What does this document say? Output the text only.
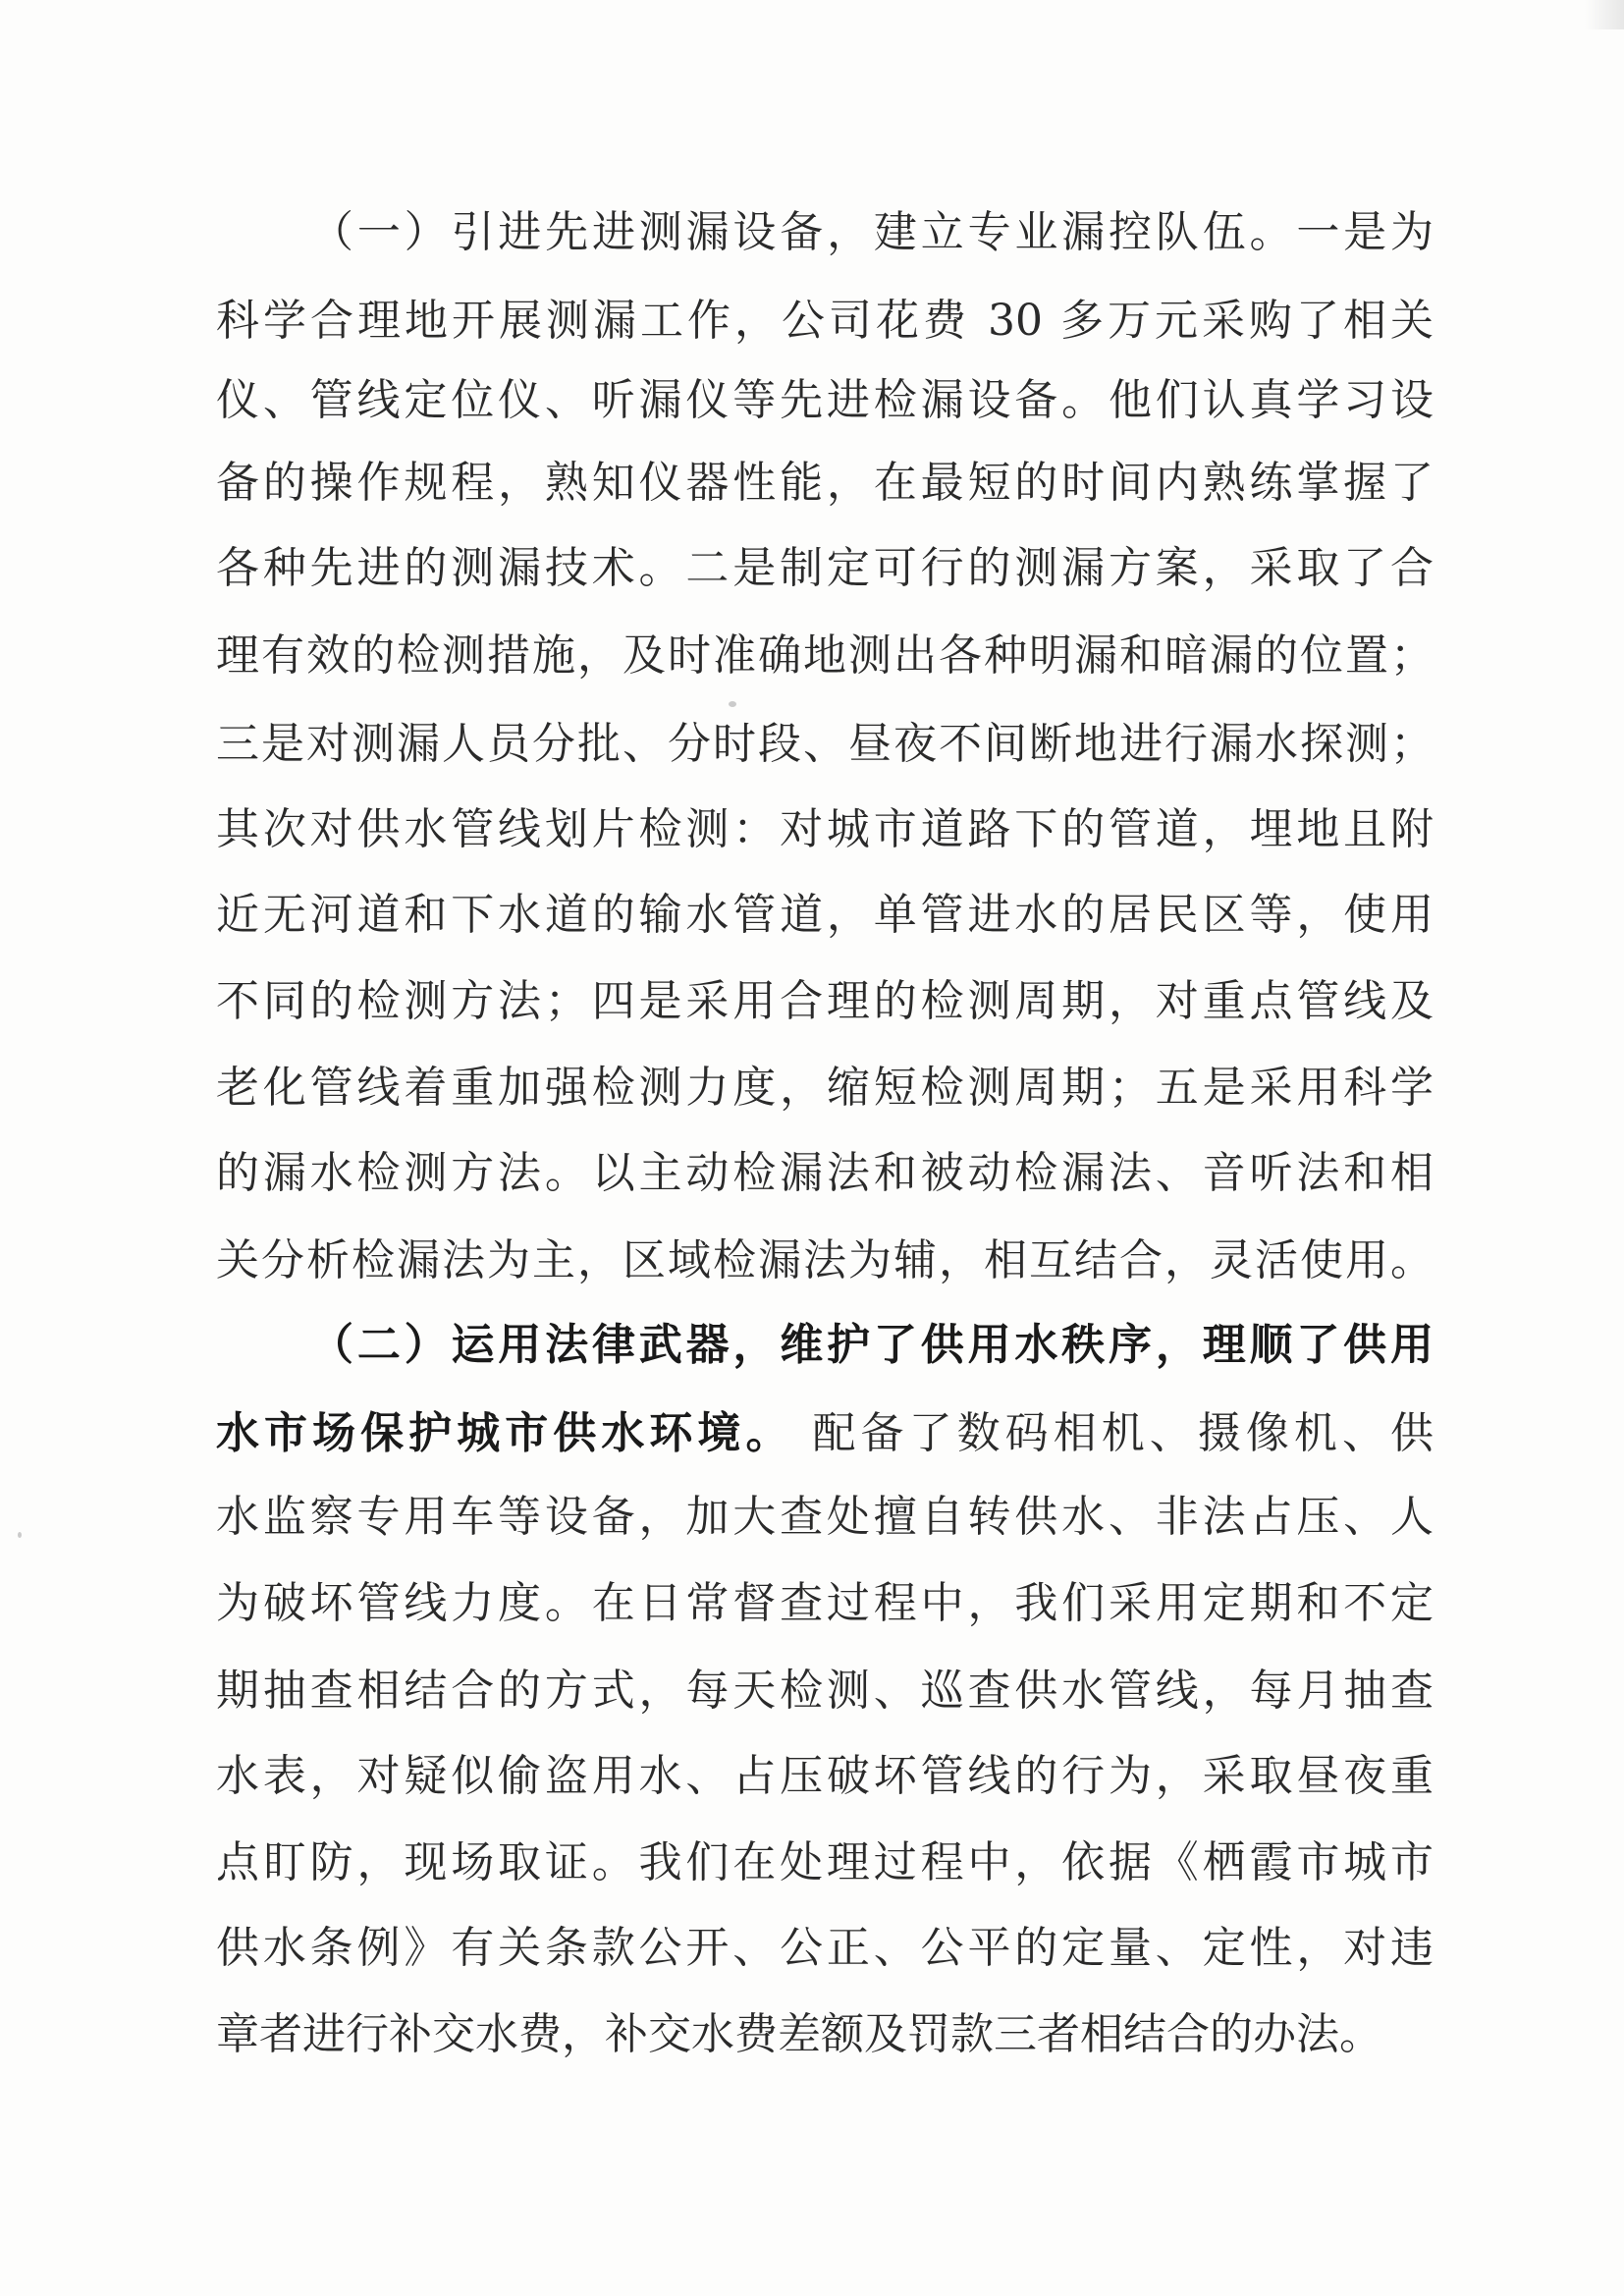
（一）引进先进测漏设备，建立专业漏控队伍。一是为
科学合理地开展测漏工作，公司花费 30 多万元采购了相关
仪、管线定位仪、听漏仪等先进检漏设备。他们认真学习设
备的操作规程，熟知仪器性能，在最短的时间内熟练掌握了
各种先进的测漏技术。二是制定可行的测漏方案，采取了合
理有效的检测措施，及时准确地测出各种明漏和暗漏的位置；
三是对测漏人员分批、分时段、昼夜不间断地进行漏水探测；
其次对供水管线划片检测：对城市道路下的管道，埋地且附
近无河道和下水道的输水管道，单管进水的居民区等，使用
不同的检测方法；四是采用合理的检测周期，对重点管线及
老化管线着重加强检测力度，缩短检测周期；五是采用科学
的漏水检测方法。以主动检漏法和被动检漏法、音听法和相
关分析检漏法为主，区域检漏法为辅，相互结合，灵活使用。
（二）运用法律武器，维护了供用水秩序，理顺了供用
水市场保护城市供水环境。 配备了数码相机、摄像机、供
水监察专用车等设备，加大查处擅自转供水、非法占压、人
为破坏管线力度。在日常督查过程中，我们采用定期和不定
期抽查相结合的方式，每天检测、巡查供水管线，每月抽查
水表，对疑似偷盗用水、占压破坏管线的行为，采取昼夜重
点盯防，现场取证。我们在处理过程中，依据《栖霞市城市
供水条例》有关条款公开、公正、公平的定量、定性，对违
章者进行补交水费，补交水费差额及罚款三者相结合的办法。
